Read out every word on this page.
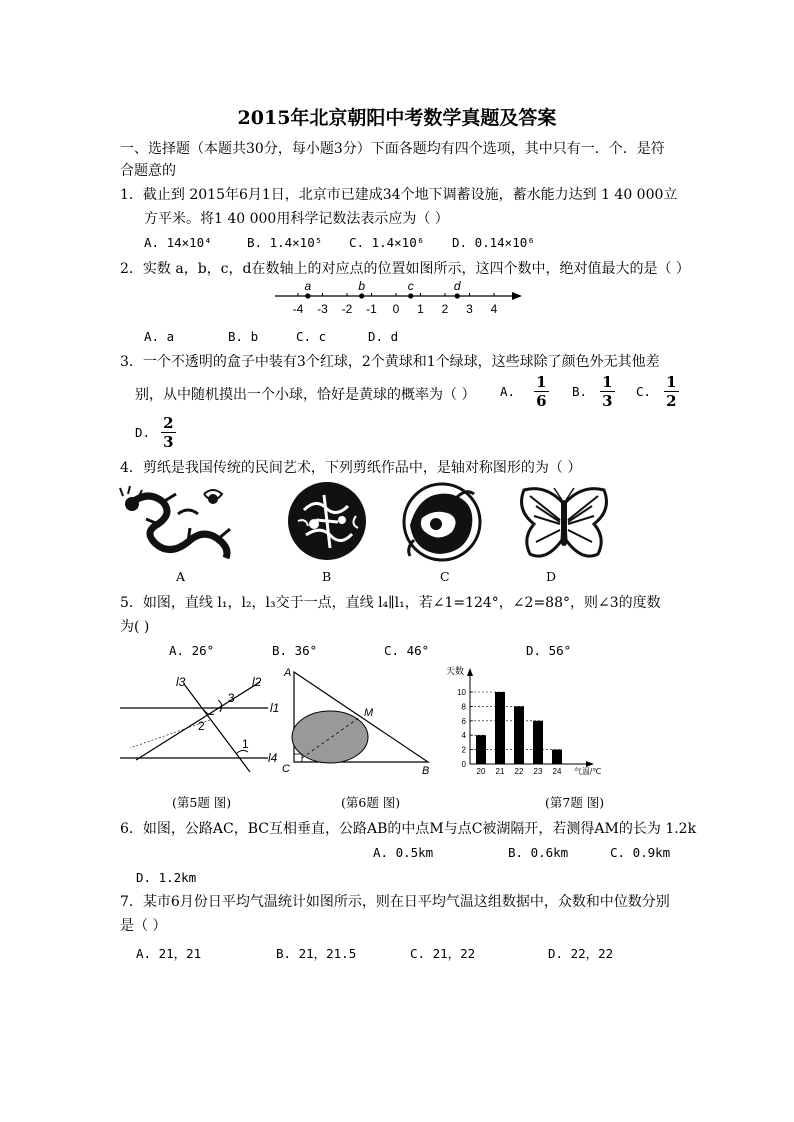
2015年北京朝阳中考数学真题及答案
一、选择题（本题共30分，每小题3分）下面各题均有四个选项，其中只有一．个．是符
合题意的
1．截止到 2015年6月1日，北京市已建成34个地下调蓄设施，蓄水能力达到 1 40 000立
方平米。将1 40 000用科学记数法表示应为（ ）
A. 14×10⁴	B. 1.4×10⁵ C. 1.4×10⁶ D. 0.14×10⁶
2．实数 a，b，c，d在数轴上的对应点的位置如图所示，这四个数中，绝对值最大的是（ ）
-4 -3 -2 -1 0 1 2 3 4
a	b	c	d
A. a	B. b	C. c	D. d
3．一个不透明的盒子中装有3个红球，2个黄球和1个绿球，这些球除了颜色外无其他差
别，从中随机摸出一个小球，恰好是黄球的概率为（ ） A. $\frac{1}{6} B$. $\frac{1}{3} C$. $\frac{1}{2}$
D. $\frac{2}{3}$
4．剪纸是我国传统的民间艺术，下列剪纸作品中，是轴对称图形的为（ ）
A	B	C	D
5．如图，直线 l₁，l₂，l₃交于一点，直线 l₄∥l₁，若∠1=124°，∠2=88°，则∠3的度数
为( )
A. 26°	B. 36°	C. 46°	D. 56°
l3	l2
l1
l4
3
2
1
A
M
C	B
天数
气温/℃
0
2
4
6
8
10
20 21 22 23 24
(第5题 图)	(第6题 图)	(第7题 图)
6．如图，公路AC，BC互相垂直，公路AB的中点M与点C被湖隔开，若测得AM的长为 1.2k
A. 0.5km	B. 0.6km	C. 0.9km
D. 1.2km
7．某市6月份日平均气温统计如图所示，则在日平均气温这组数据中，众数和中位数分别
是（ ）
A. 21，21	B. 21，21.5	C. 21，22	D. 22，22
